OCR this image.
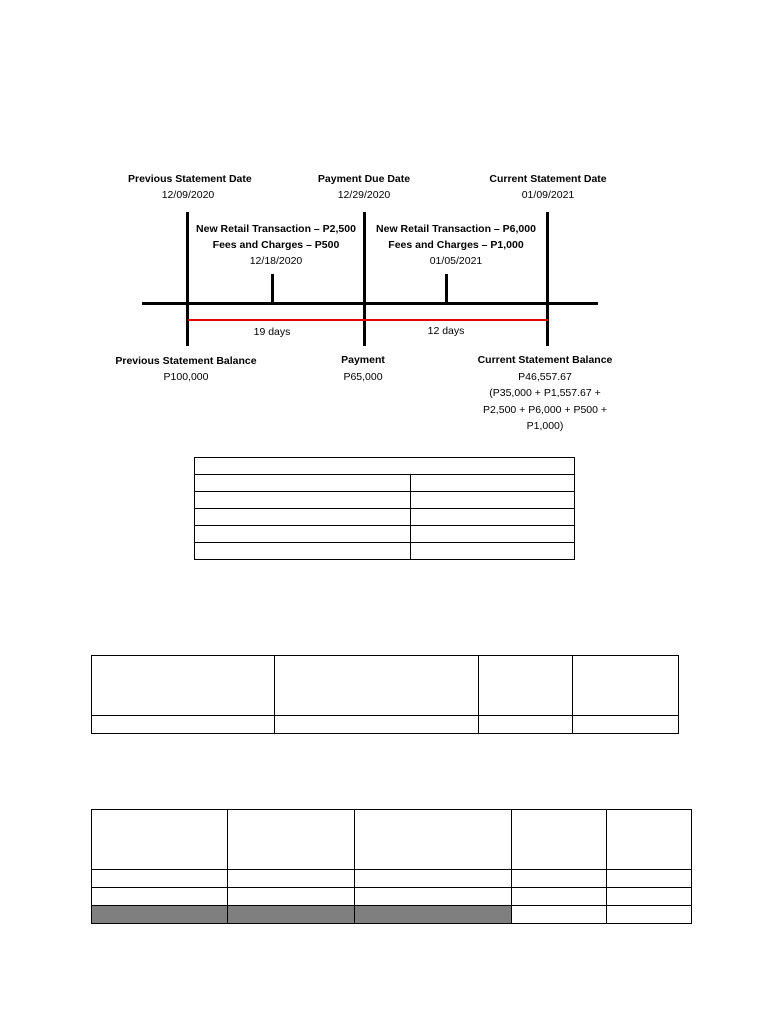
Previous Statement Date
12/09/2020
Payment Due Date
12/29/2020
Current Statement Date
01/09/2021
New Retail Transaction – P2,500
Fees and Charges – P500
12/18/2020
New Retail Transaction – P6,000
Fees and Charges – P1,000
01/05/2021
19 days	12 days
Previous Statement Balance
P100,000
Payment
P65,000
Current Statement Balance
P46,557.67
(P35,000 + P1,557.67 +
P2,500 + P6,000 + P500 +
P1,000)
